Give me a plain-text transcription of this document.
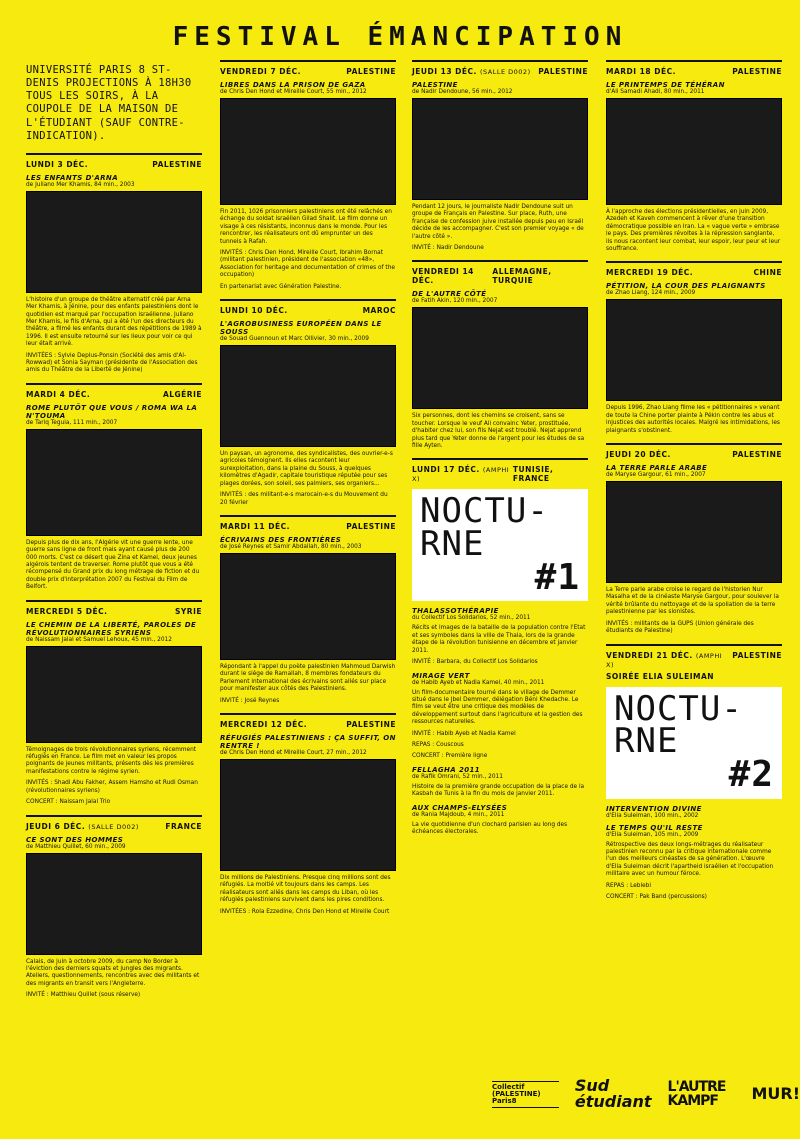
FESTIVAL ÉMANCIPATION
UNIVERSITÉ PARIS 8 ST-DENIS PROJECTIONS À 18H30 TOUS LES SOIRS, À LA COUPOLE DE LA MAISON DE L'ÉTUDIANT (SAUF CONTRE-INDICATION).
LUNDI 3 DÉC.	PALESTINE
LES ENFANTS D'ARNA
de Juliano Mer Khamis, 84 min., 2003
L'histoire d'un groupe de théâtre alternatif créé par Arna Mer Khamis, à Jénine, pour des enfants palestiniens dont le quotidien est marqué par l'occupation israélienne. Juliano Mer Khamis, le fils d'Arna, qui a été l'un des directeurs du théâtre, a filmé les enfants durant des répétitions de 1989 à 1996. Il est ensuite retourné sur les lieux pour voir ce qui leur était arrivé.
INVITÉES : Sylvie Deplus-Ponsin (Société des amis d'Al-Rowwad) et Sonia Sayman (présidente de l'Association des amis du Théâtre de la Liberté de Jénine)
MARDI 4 DÉC.	ALGÉRIE
ROME PLUTÔT QUE VOUS / ROMA WA LA N'TOUMA
de Tariq Teguia, 111 min., 2007
Depuis plus de dix ans, l'Algérie vit une guerre lente, une guerre sans ligne de front mais ayant causé plus de 200 000 morts. C'est ce désert que Zina et Kamel, deux jeunes algérois tentent de traverser. Rome plutôt que vous a été récompensé du Grand prix du long métrage de fiction et du double prix d'interprétation 2007 du Festival du Film de Belfort.
MERCREDI 5 DÉC.	SYRIE
LE CHEMIN DE LA LIBERTÉ, PAROLES DE RÉVOLUTIONNAIRES SYRIENS
de Naissam Jalal et Samuel Lehoux, 45 min., 2012
Témoignages de trois révolutionnaires syriens, récemment réfugiés en France. Le film met en valeur les propos poignants de jeunes militants, présents dès les premières manifestations contre le régime syrien.
INVITÉS : Shadi Abu Fakher, Assem Hamsho et Rudi Osman (révolutionnaires syriens)
CONCERT : Naissam Jalal Trio
JEUDI 6 DÉC. (SALLE D002)	FRANCE
CE SONT DES HOMMES
de Matthieu Quillet, 60 min., 2009
Calais, de juin à octobre 2009, du camp No Border à l'éviction des derniers squats et jungles des migrants. Ateliers, questionnements, rencontres avec des militants et des migrants en transit vers l'Angleterre.
INVITÉ : Matthieu Quillet (sous réserve)
VENDREDI 7 DÉC.	PALESTINE
LIBRES DANS LA PRISON DE GAZA
de Chris Den Hond et Mireille Court, 55 min., 2012
Fin 2011, 1026 prisonniers palestiniens ont été relâchés en échange du soldat israélien Gilad Shalit. Le film donne un visage à ces résistants, inconnus dans le monde. Pour les rencontrer, les réalisateurs ont dû emprunter un des tunnels à Rafah.
INVITÉS : Chris Den Hond, Mireille Court, Ibrahim Bornat (militant palestinien, président de l'association «48», Association for heritage and documentation of crimes of the occupation)
En partenariat avec Génération Palestine.
LUNDI 10 DÉC.	MAROC
L'AGROBUSINESS EUROPÉEN DANS LE SOUSS
de Souad Guennoun et Marc Ollivier, 30 min., 2009
Un paysan, un agronome, des syndicalistes, des ouvrier-e-s agricoles témoignent. Ils elles racontent leur surexploitation, dans la plaine du Souss, à quelques kilomètres d'Agadir, capitale touristique réputée pour ses plages dorées, son soleil, ses palmiers, ses organiers...
INVITÉS : des militant-e-s marocain-e-s du Mouvement du 20 février
MARDI 11 DÉC.	PALESTINE
ÉCRIVAINS DES FRONTIÈRES
de José Reynes et Samir Abdallah, 80 min., 2003
Répondant à l'appel du poète palestinien Mahmoud Darwish durant le siège de Ramallah, 8 membres fondateurs du Parlement international des écrivains sont allés sur place pour manifester aux côtés des Palestiniens.
INVITÉ : José Reynes
MERCREDI 12 DÉC.	PALESTINE
RÉFUGIÉS PALESTINIENS : ÇA SUFFIT, ON RENTRE !
de Chris Den Hond et Mireille Court, 27 min., 2012
Dix millions de Palestiniens. Presque cinq millions sont des réfugiés. La moitié vit toujours dans les camps. Les réalisateurs sont allés dans les camps du Liban, où les réfugiés palestiniens survivent dans les pires conditions.
INVITÉES : Rola Ezzedine, Chris Den Hond et Mireille Court
JEUDI 13 DÉC. (SALLE D002) PALESTINE
PALESTINE
de Nadir Dendoune, 56 min., 2012
Pendant 12 jours, le journaliste Nadir Dendoune suit un groupe de Français en Palestine. Sur place, Ruth, une française de confession juive installée depuis peu en Israël décide de les accompagner. C'est son premier voyage « de l'autre côté ».
INVITÉ : Nadir Dendoune
VENDREDI 14 DÉC.
ALLEMAGNE, TURQUIE
DE L'AUTRE CÔTÉ
de Fatih Akin, 120 min., 2007
Six personnes, dont les chemins se croisent, sans se toucher. Lorsque le veuf Ali convainc Yeter, prostituée, d'habiter chez lui, son fils Nejat est troublé. Nejat apprend plus tard que Yeter donne de l'argent pour les études de sa fille Ayten.
LUNDI 17 DÉC. (AMPHI X)
TUNISIE, FRANCE
NOCTU- RNE
#1
THALASSOTHÉRAPIE
du Collectif Los Solidarios, 52 min., 2011
Récits et images de la bataille de la population contre l'Etat et ses symboles dans la ville de Thala, lors de la grande étape de la révolution tunisienne en décembre et janvier 2011.
INVITÉ : Barbara, du Collectif Los Solidarios
MIRAGE VERT
de Habib Ayeb et Nadia Kamel, 40 min., 2011
Un film-documentaire tourné dans le village de Demmer situé dans le Jbel Demmer, délégation Béni Khedache. Le film se veut être une critique des modèles de développement surtout dans l'agriculture et la gestion des ressources naturelles.
INVITÉ : Habib Ayeb et Nadia Kamel
REPAS : Couscous
CONCERT : Première ligne
FELLAGHA 2011
de Rafik Omrani, 52 min., 2011
Histoire de la première grande occupation de la place de la Kasbah de Tunis à la fin du mois de janvier 2011.
AUX CHAMPS-ELYSÉES
de Rania Majdoub, 4 min., 2011
La vie quotidienne d'un clochard parisien au long des échéances électorales.
MARDI 18 DÉC.	PALESTINE
LE PRINTEMPS DE TÉHÉRAN
d'Ali Samadi Ahadi, 80 min., 2011
À l'approche des élections présidentielles, en juin 2009, Azedeh et Kaveh commencent à rêver d'une transition démocratique possible en Iran. La « vague verte » embrase le pays. Des premières révoltes à la répression sanglante, ils nous racontent leur combat, leur espoir, leur peur et leur souffrance.
MERCREDI 19 DÉC.	CHINE
PÉTITION, LA COUR DES PLAIGNANTS
de Zhao Liang, 124 min., 2009
Depuis 1996, Zhao Liang filme les « pétitionnaires » venant de toute la Chine porter plainte à Pékin contre les abus et injustices des autorités locales. Malgré les intimidations, les plaignants s'obstinent.
JEUDI 20 DÉC.	PALESTINE
LA TERRE PARLE ARABE
de Maryse Gargour, 61 min., 2007
La Terre parle arabe croise le regard de l'historien Nur Masalha et de la cinéaste Maryse Gargour, pour soulever la vérité brûlante du nettoyage et de la spoliation de la terre palestinienne par les sionistes.
INVITÉS : militants de la GUPS (Union générale des étudiants de Palestine)
VENDREDI 21 DÉC. (AMPHI X)
PALESTINE
SOIRÉE ELIA SULEIMAN
NOCTU- RNE
#2
INTERVENTION DIVINE
d'Elia Suleiman, 100 min., 2002
LE TEMPS QU'IL RESTE
d'Elia Suleiman, 105 min., 2009
Rétrospective des deux longs-métrages du réalisateur palestinien reconnu par la critique internationale comme l'un des meilleurs cinéastes de sa génération. L'œuvre d'Elia Suleiman décrit l'apartheid israélien et l'occupation militaire avec un humour féroce.
REPAS : Leblebi
CONCERT : Pak Band (percussions)
Collectif (PALESTINE) Paris8
Sud étudiant
L'AUTRE KAMPF	MUR!
